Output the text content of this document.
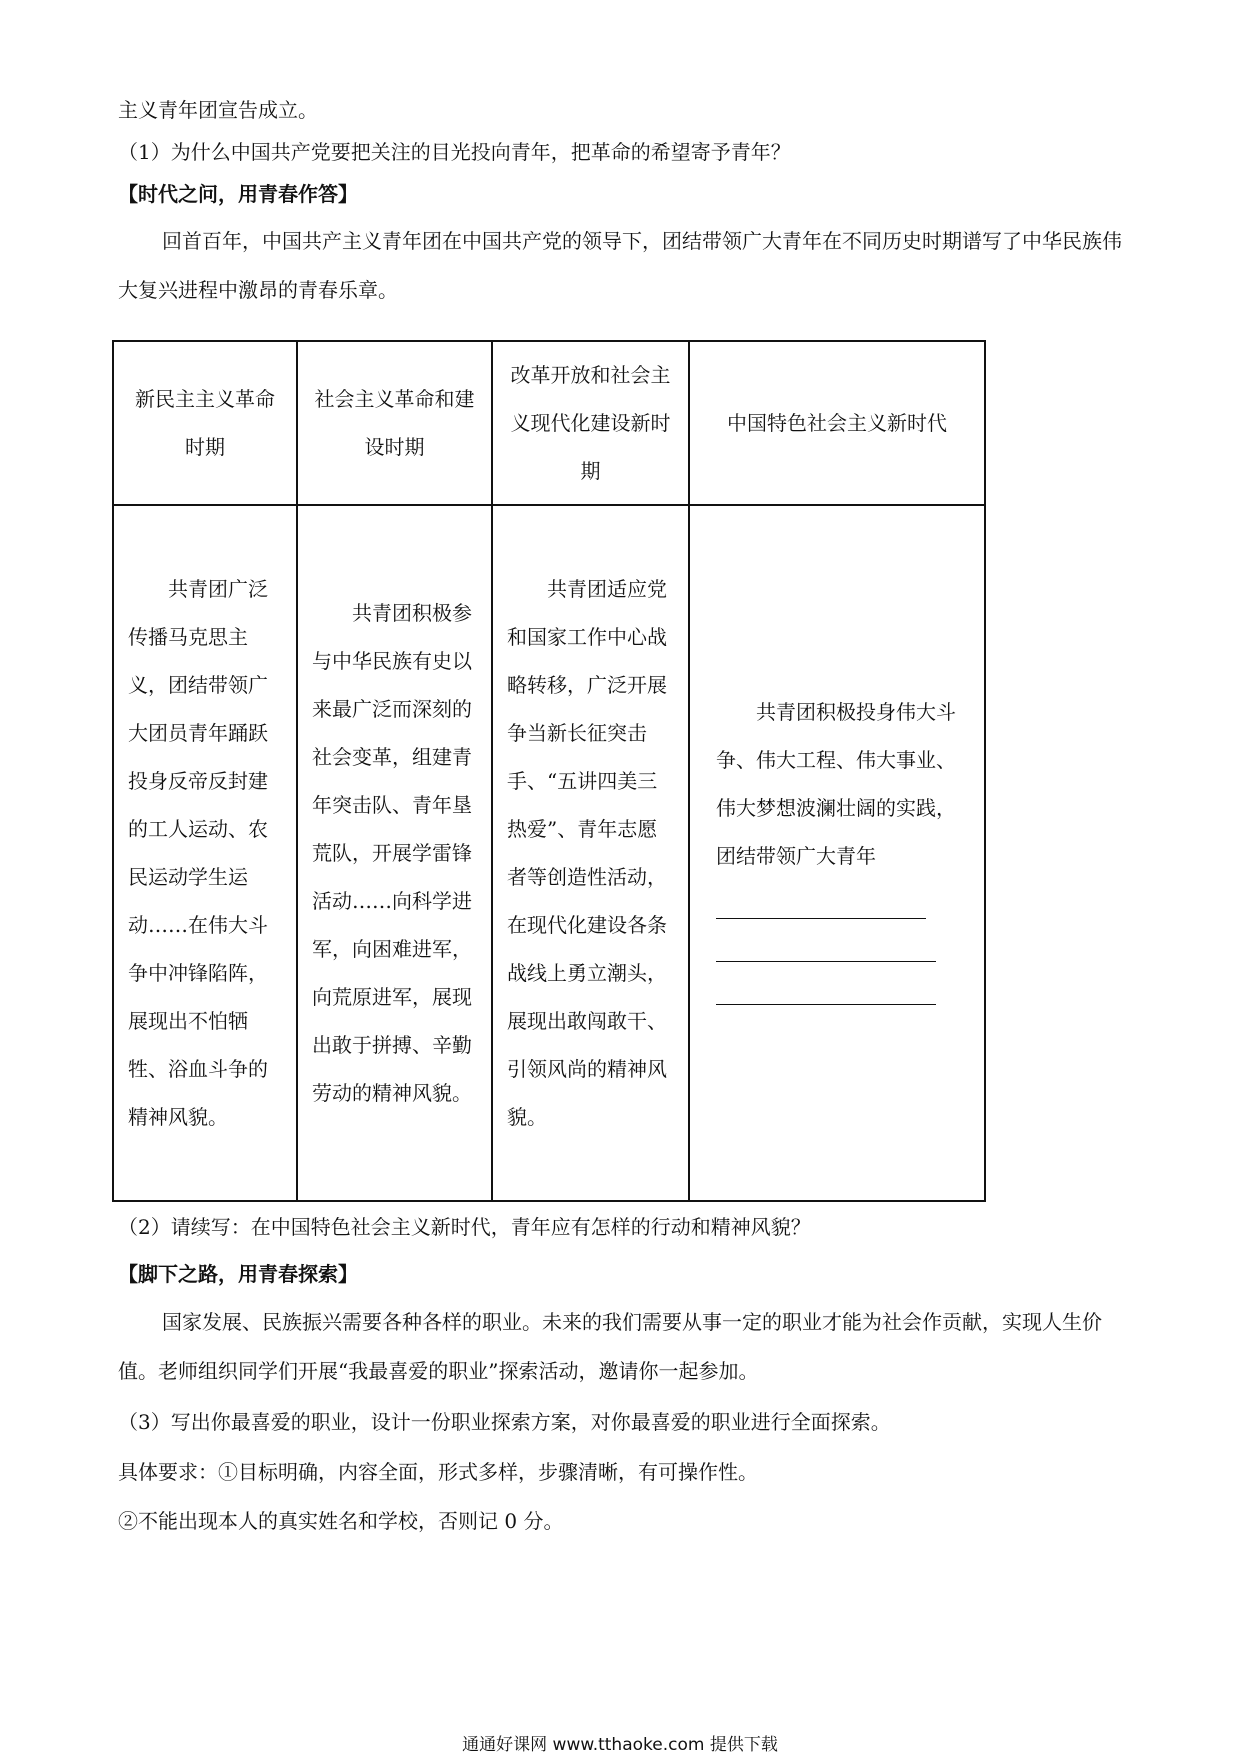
主义青年团宣告成立。

（1）为什么中国共产党要把关注的目光投向青年，把革命的希望寄予青年？

【时代之问，用青春作答】

回首百年，中国共产主义青年团在中国共产党的领导下，团结带领广大青年在不同历史时期谱写了中华民族伟大复兴进程中激昂的青春乐章。

新民主主义革命时期	社会主义革命和建设时期	改革开放和社会主义现代化建设新时期	中国特色社会主义新时代
共青团广泛传播马克思主义，团结带领广大团员青年踊跃投身反帝反封建的工人运动、农民运动学生运动……在伟大斗争中冲锋陷阵，展现出不怕牺牲、浴血斗争的精神风貌。	共青团积极参与中华民族有史以来最广泛而深刻的社会变革，组建青年突击队、青年垦荒队，开展学雷锋活动……向科学进军，向困难进军，向荒原进军，展现出敢于拼搏、辛勤劳动的精神风貌。	共青团适应党和国家工作中心战略转移，广泛开展争当新长征突击手、“五讲四美三热爱”、青年志愿者等创造性活动，在现代化建设各条战线上勇立潮头，展现出敢闯敢干、引领风尚的精神风貌。	共青团积极投身伟大斗争、伟大工程、伟大事业、伟大梦想波澜壮阔的实践，团结带领广大青年

（2）请续写：在中国特色社会主义新时代，青年应有怎样的行动和精神风貌？

【脚下之路，用青春探索】

国家发展、民族振兴需要各种各样的职业。未来的我们需要从事一定的职业才能为社会作贡献，实现人生价值。老师组织同学们开展“我最喜爱的职业”探索活动，邀请你一起参加。

（3）写出你最喜爱的职业，设计一份职业探索方案，对你最喜爱的职业进行全面探索。

具体要求：①目标明确，内容全面，形式多样，步骤清晰，有可操作性。

②不能出现本人的真实姓名和学校，否则记 0 分。

通通好课网 www.tthaoke.com 提供下载
